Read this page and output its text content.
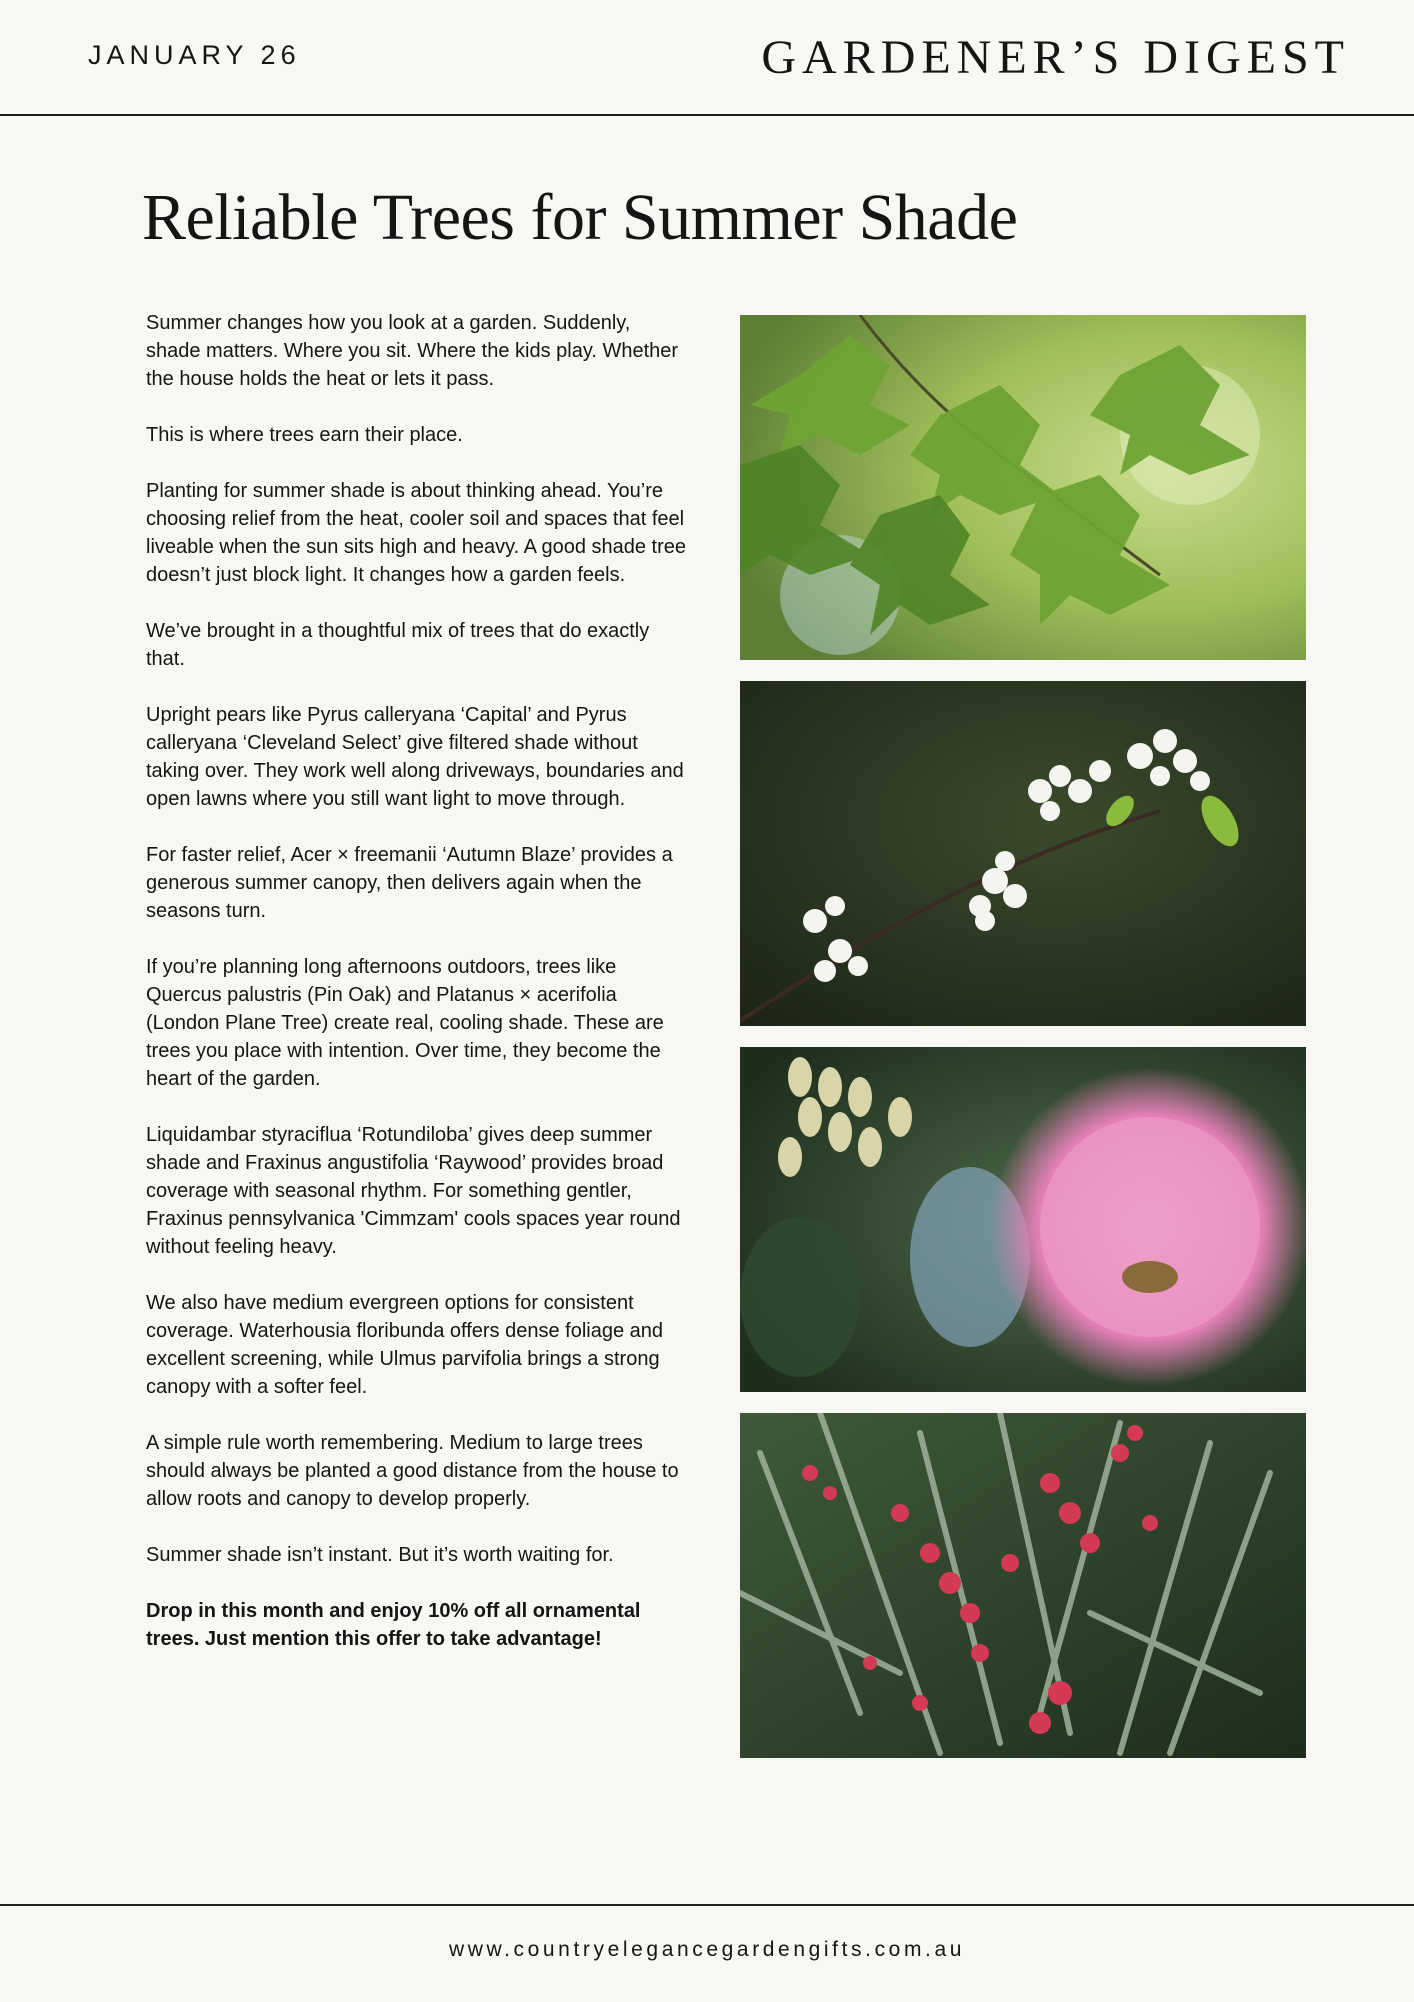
JANUARY 26	GARDENER’S DIGEST
Reliable Trees for Summer Shade

Summer changes how you look at a garden. Suddenly, shade matters. Where you sit. Where the kids play. Whether the house holds the heat or lets it pass.

This is where trees earn their place.

Planting for summer shade is about thinking ahead. You’re choosing relief from the heat, cooler soil and spaces that feel liveable when the sun sits high and heavy. A good shade tree doesn’t just block light. It changes how a garden feels.

We’ve brought in a thoughtful mix of trees that do exactly that.

Upright pears like Pyrus calleryana ‘Capital’ and Pyrus calleryana ‘Cleveland Select’ give filtered shade without taking over. They work well along driveways, boundaries and open lawns where you still want light to move through.

For faster relief, Acer × freemanii ‘Autumn Blaze’ provides a generous summer canopy, then delivers again when the seasons turn.

If you’re planning long afternoons outdoors, trees like Quercus palustris (Pin Oak) and Platanus × acerifolia (London Plane Tree) create real, cooling shade. These are trees you place with intention. Over time, they become the heart of the garden.

Liquidambar styraciflua ‘Rotundiloba’ gives deep summer shade and Fraxinus angustifolia ‘Raywood’ provides broad coverage with seasonal rhythm. For something gentler, Fraxinus pennsylvanica 'Cimmzam' cools spaces year round without feeling heavy.

We also have medium evergreen options for consistent coverage. Waterhousia floribunda offers dense foliage and excellent screening, while Ulmus parvifolia brings a strong canopy with a softer feel.

A simple rule worth remembering. Medium to large trees should always be planted a good distance from the house to allow roots and canopy to develop properly.

Summer shade isn’t instant. But it’s worth waiting for.

Drop in this month and enjoy 10% off all ornamental trees. Just mention this offer to take advantage!

www.countryelegancegardengifts.com.au
